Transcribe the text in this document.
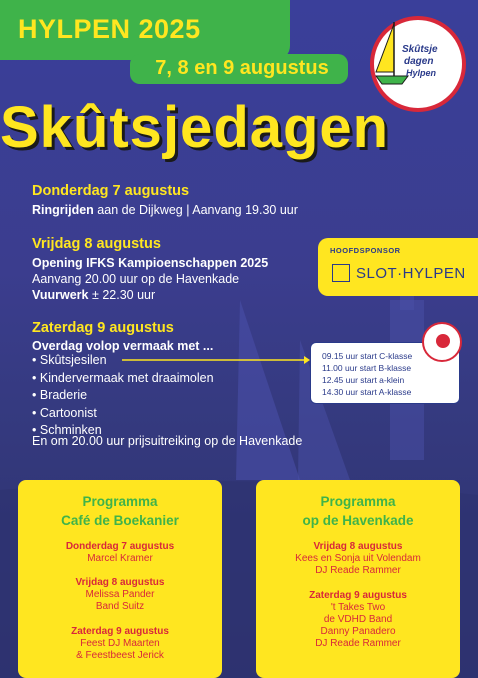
HYLPEN 2025
7, 8 en 9 augustus
Skûtsjedagen
Skûtsje
dagen
Hylpen
Donderdag 7 augustus
Ringrijden aan de Dijkweg | Aanvang 19.30 uur
Vrijdag 8 augustus
Opening IFKS Kampioenschappen 2025
Aanvang 20.00 uur op de Havenkade
Vuurwerk ± 22.30 uur
Zaterdag 9 augustus
Overdag volop vermaak met ...
• Skûtsjesilen
• Kindervermaak met draaimolen
• Braderie
• Cartoonist
• Schminken
En om 20.00 uur prijsuitreiking op de Havenkade
HOOFDSPONSOR
SLOT·HYLPEN
09.15 uur start C-klasse
11.00 uur start B-klasse
12.45 uur start a-klein
14.30 uur start A-klasse
Programma
Café de Boekanier
Donderdag 7 augustus
Marcel Kramer
Vrijdag 8 augustus
Melissa Pander
Band Suitz
Zaterdag 9 augustus
Feest DJ Maarten
& Feestbeest Jerick
Programma
op de Havenkade
Vrijdag 8 augustus
Kees en Sonja uit Volendam
DJ Reade Rammer
Zaterdag 9 augustus
't Takes Two
de VDHD Band
Danny Panadero
DJ Reade Rammer
